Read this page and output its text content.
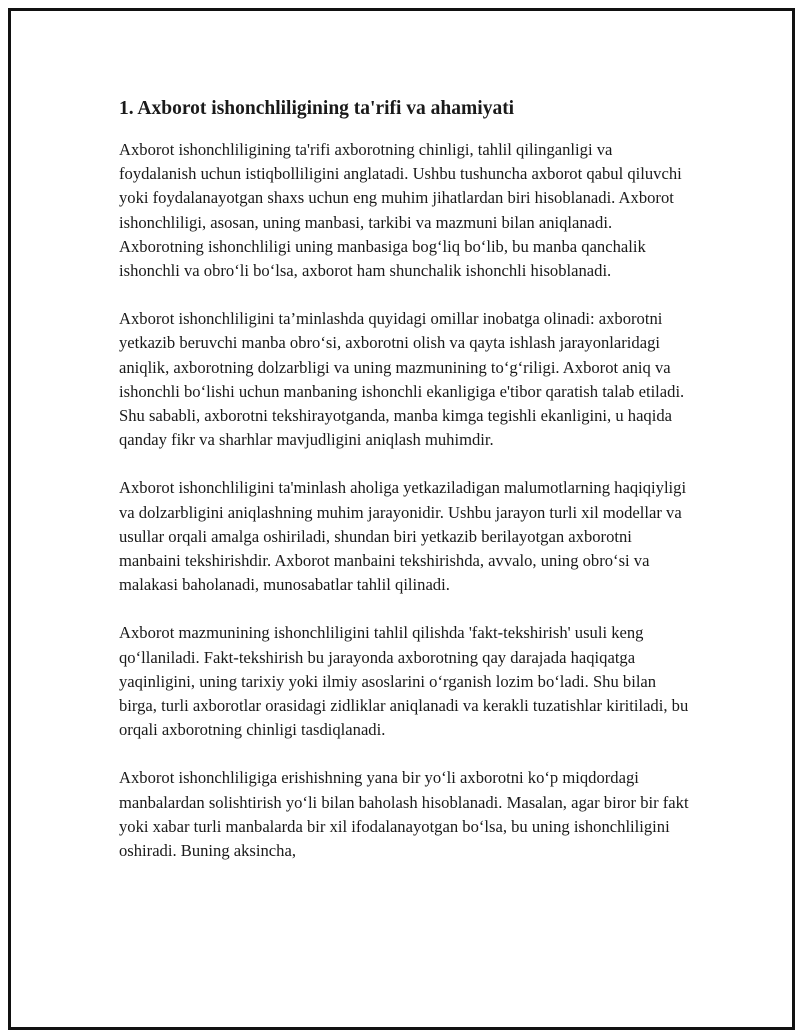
1. Axborot ishonchliligining ta'rifi va ahamiyati

Axborot ishonchliligining ta'rifi axborotning chinligi, tahlil qilinganligi va foydalanish uchun istiqbolliligini anglatadi. Ushbu tushuncha axborot qabul qiluvchi yoki foydalanayotgan shaxs uchun eng muhim jihatlardan biri hisoblanadi. Axborot ishonchliligi, asosan, uning manbasi, tarkibi va mazmuni bilan aniqlanadi. Axborotning ishonchliligi uning manbasiga bog‘liq bo‘lib, bu manba qanchalik ishonchli va obro‘li bo‘lsa, axborot ham shunchalik ishonchli hisoblanadi.

Axborot ishonchliligini ta’minlashda quyidagi omillar inobatga olinadi: axborotni yetkazib beruvchi manba obro‘si, axborotni olish va qayta ishlash jarayonlaridagi aniqlik, axborotning dolzarbligi va uning mazmunining to‘g‘riligi. Axborot aniq va ishonchli bo‘lishi uchun manbaning ishonchli ekanligiga e'tibor qaratish talab etiladi. Shu sababli, axborotni tekshirayotganda, manba kimga tegishli ekanligini, u haqida qanday fikr va sharhlar mavjudligini aniqlash muhimdir.

Axborot ishonchliligini ta'minlash aholiga yetkaziladigan malumotlarning haqiqiyligi va dolzarbligini aniqlashning muhim jarayonidir. Ushbu jarayon turli xil modellar va usullar orqali amalga oshiriladi, shundan biri yetkazib berilayotgan axborotni manbaini tekshirishdir. Axborot manbaini tekshirishda, avvalo, uning obro‘si va malakasi baholanadi, munosabatlar tahlil qilinadi.

Axborot mazmunining ishonchliligini tahlil qilishda 'fakt-tekshirish' usuli keng qo‘llaniladi. Fakt-tekshirish bu jarayonda axborotning qay darajada haqiqatga yaqinligini, uning tarixiy yoki ilmiy asoslarini o‘rganish lozim bo‘ladi. Shu bilan birga, turli axborotlar orasidagi zidliklar aniqlanadi va kerakli tuzatishlar kiritiladi, bu orqali axborotning chinligi tasdiqlanadi.

Axborot ishonchliligiga erishishning yana bir yo‘li axborotni ko‘p miqdordagi manbalardan solishtirish yo‘li bilan baholash hisoblanadi. Masalan, agar biror bir fakt yoki xabar turli manbalarda bir xil ifodalanayotgan bo‘lsa, bu uning ishonchliligini oshiradi. Buning aksincha,
